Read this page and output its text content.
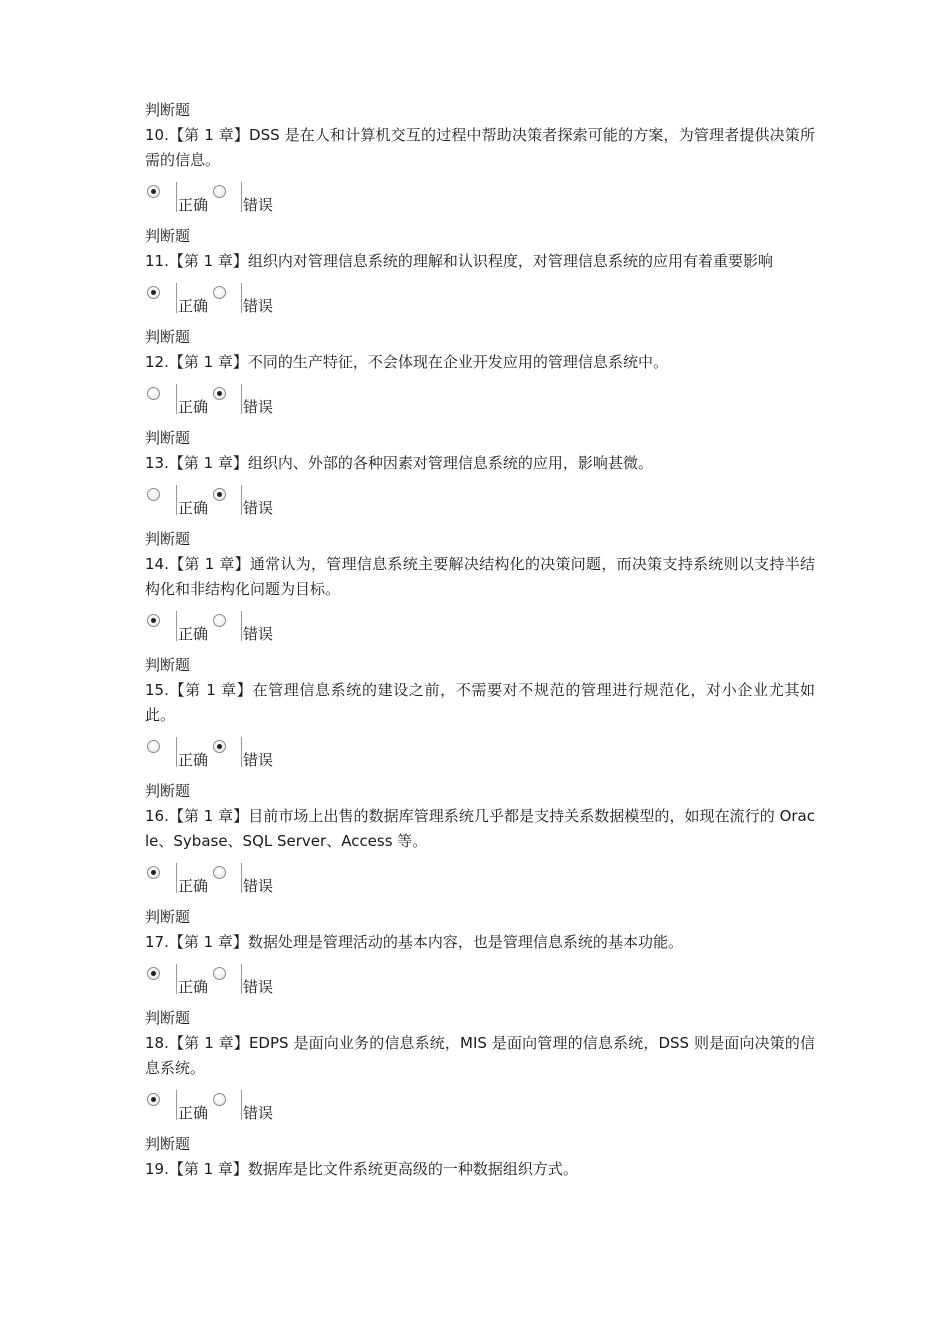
判断题
10.【第 1 章】DSS 是在人和计算机交互的过程中帮助决策者探索可能的方案，为管理者提供决策所需的信息。
正确 错误
判断题
11.【第 1 章】组织内对管理信息系统的理解和认识程度，对管理信息系统的应用有着重要影响
正确 错误
判断题
12.【第 1 章】不同的生产特征，不会体现在企业开发应用的管理信息系统中。
正确 错误
判断题
13.【第 1 章】组织内、外部的各种因素对管理信息系统的应用，影响甚微。
正确 错误
判断题
14.【第 1 章】通常认为，管理信息系统主要解决结构化的决策问题，而决策支持系统则以支持半结构化和非结构化问题为目标。
正确 错误
判断题
15.【第 1 章】在管理信息系统的建设之前，不需要对不规范的管理进行规范化，对小企业尤其如此。
正确 错误
判断题
16.【第 1 章】目前市场上出售的数据库管理系统几乎都是支持关系数据模型的，如现在流行的 Oracle、Sybase、SQL Server、Access 等。
正确 错误
判断题
17.【第 1 章】数据处理是管理活动的基本内容，也是管理信息系统的基本功能。
正确 错误
判断题
18.【第 1 章】EDPS 是面向业务的信息系统，MIS 是面向管理的信息系统，DSS 则是面向决策的信息系统。
正确 错误
判断题
19.【第 1 章】数据库是比文件系统更高级的一种数据组织方式。
